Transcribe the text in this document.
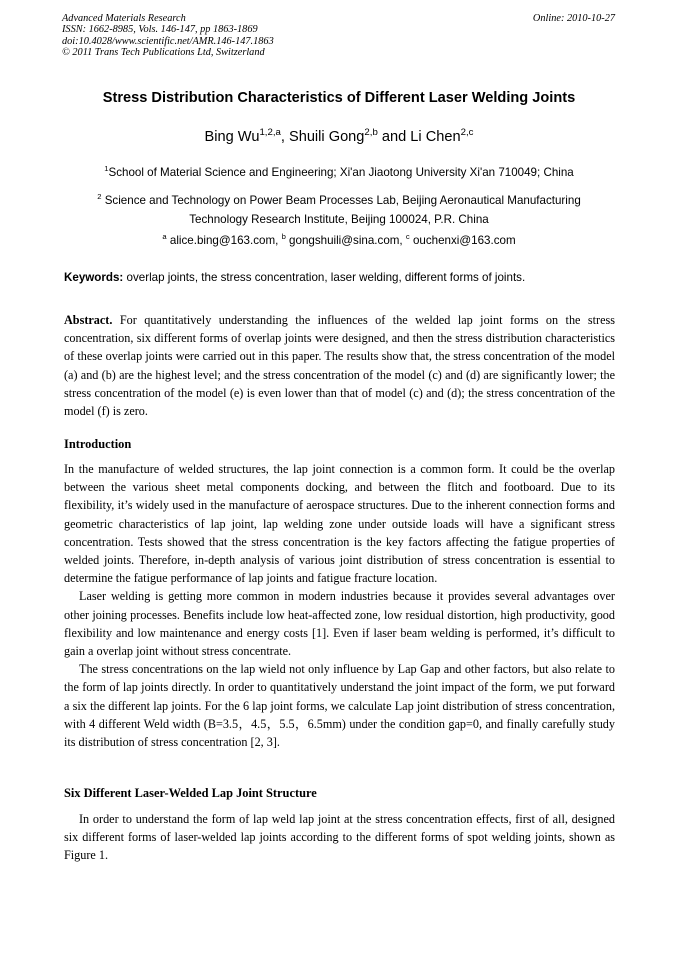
Advanced Materials Research
ISSN: 1662-8985, Vols. 146-147, pp 1863-1869
doi:10.4028/www.scientific.net/AMR.146-147.1863
© 2011 Trans Tech Publications Ltd, Switzerland
Online: 2010-10-27
Stress Distribution Characteristics of Different Laser Welding Joints
Bing Wu$^{1,2,a}$, Shuili Gong$^{2,b}$ and Li Chen$^{2,c}$
$^1$School of Material Science and Engineering; Xi'an Jiaotong University Xi'an 710049; China
$^2$ Science and Technology on Power Beam Processes Lab, Beijing Aeronautical Manufacturing
Technology Research Institute, Beijing 100024, P.R. China
$^a$ alice.bing@163.com, $^b$ gongshuili@sina.com, $^c$ ouchenxi@163.com
Keywords: overlap joints, the stress concentration, laser welding, different forms of joints.

Abstract. For quantitatively understanding the influences of the welded lap joint forms on the stress concentration, six different forms of overlap joints were designed, and then the stress distribution characteristics of these overlap joints were carried out in this paper. The results show that, the stress concentration of the model (a) and (b) are the highest level; and the stress concentration of the model (c) and (d) are significantly lower; the stress concentration of the model (e) is even lower than that of model (c) and (d); the stress concentration of the model (f) is zero.

Introduction

In the manufacture of welded structures, the lap joint connection is a common form. It could be the overlap between the various sheet metal components docking, and between the flitch and footboard. Due to its flexibility, it’s widely used in the manufacture of aerospace structures. Due to the inherent connection forms and geometric characteristics of lap joint, lap welding zone under outside loads will have a significant stress concentration. Tests showed that the stress concentration is the key factors affecting the fatigue properties of welded joints. Therefore, in-depth analysis of various joint distribution of stress concentration is essential to determine the fatigue performance of lap joints and fatigue fracture location.

Laser welding is getting more common in modern industries because it provides several advantages over other joining processes. Benefits include low heat-affected zone, low residual distortion, high productivity, good flexibility and low maintenance and energy costs [1]. Even if laser beam welding is performed, it’s difficult to gain a overlap joint without stress concentrate.

The stress concentrations on the lap wield not only influence by Lap Gap and other factors, but also relate to the form of lap joints directly. In order to quantitatively understand the joint impact of the form, we put forward a six the different lap joints. For the 6 lap joint forms, we calculate Lap joint distribution of stress concentration, with 4 different Weld width (B=3.5，4.5，5.5，6.5mm) under the condition gap=0, and finally carefully study its distribution of stress concentration [2, 3].

Six Different Laser-Welded Lap Joint Structure

In order to understand the form of lap weld lap joint at the stress concentration effects, first of all, designed six different forms of laser-welded lap joints according to the different forms of spot welding joints, shown as Figure 1.
